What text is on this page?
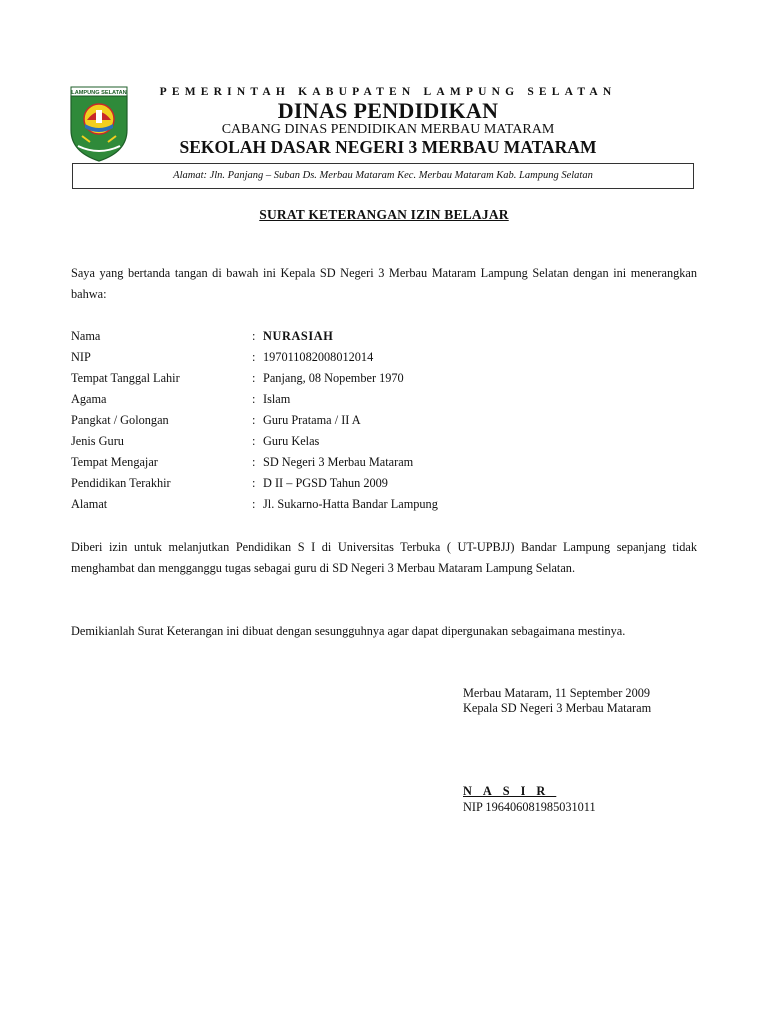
LAMPUNG SELATAN	PEMERINTAH KABUPATEN LAMPUNG SELATAN
DINAS PENDIDIKAN
CABANG DINAS PENDIDIKAN MERBAU MATARAM
SEKOLAH DASAR NEGERI 3 MERBAU MATARAM
Alamat: Jln. Panjang – Suban Ds. Merbau Mataram Kec. Merbau Mataram Kab. Lampung Selatan
SURAT KETERANGAN IZIN BELAJAR
Saya yang bertanda tangan di bawah ini Kepala SD Negeri 3 Merbau Mataram Lampung Selatan dengan ini menerangkan bahwa:
Nama	: NURASIAH
NIP	: 197011082008012014
Tempat Tanggal Lahir	: Panjang, 08 Nopember 1970
Agama	: Islam
Pangkat / Golongan	: Guru Pratama / II A
Jenis Guru	: Guru Kelas
Tempat Mengajar	: SD Negeri 3 Merbau Mataram
Pendidikan Terakhir	: D II – PGSD Tahun 2009
Alamat	: Jl. Sukarno-Hatta Bandar Lampung
Diberi izin untuk melanjutkan Pendidikan S I di Universitas Terbuka ( UT-UPBJJ) Bandar Lampung sepanjang tidak menghambat dan mengganggu tugas sebagai guru di SD Negeri 3 Merbau Mataram Lampung Selatan.
Demikianlah Surat Keterangan ini dibuat dengan sesungguhnya agar dapat dipergunakan sebagaimana mestinya.
Merbau Mataram, 11 September 2009
Kepala SD Negeri 3 Merbau Mataram
NASIR
NIP 196406081985031011
